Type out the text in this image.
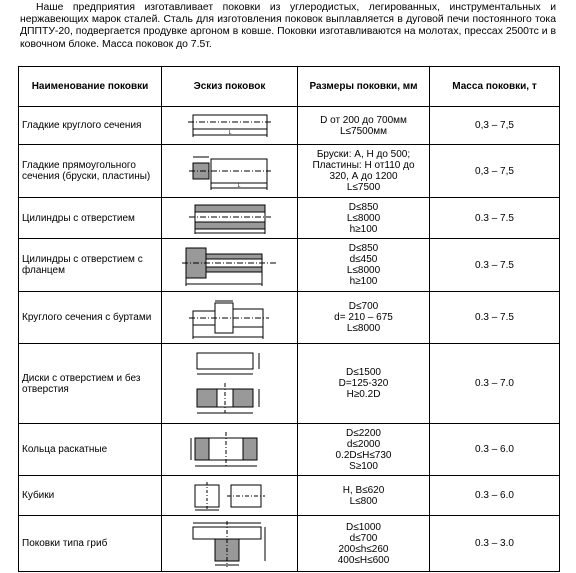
Наше предприятия изготавливает поковки из углеродистых, легированных, инструментальных и нержавеющих марок сталей. Сталь для изготовления поковок выплавляется в дуговой печи постоянного тока ДППТУ-20, подвергается продувке аргоном в ковше. Поковки изготавливаются на молотах, прессах 2500тс и в ковочном блоке. Масса поковок до 7.5т.

Наименование поковки	Эскиз поковок	Размеры поковки, мм	Масса поковки, т
Гладкие круглого сечения	L	D от 200 до 700мм
L≤7500мм	0,3 – 7,5
Гладкие прямоугольного сечения (бруски, пластины)	L	Бруски: А, Н до 500;
Пластины: Н от110 до
320, А до 1200
L≤7500	0,3 – 7,5
Цилиндры с отверстием		D≤850
L≤8000
h≥100	0.3 – 7.5
Цилиндры с отверстием с фланцем		D≤850
d≤450
L≤8000
h≥100	0.3 – 7.5
Круглого сечения с буртами		D≤700
d= 210 – 675
L≤8000	0.3 – 7.5
Диски с отверстием и без отверстия		D≤1500
D=125-320
H≥0.2D	0.3 – 7.0
Кольца раскатные		D≤2200
d≤2000
0.2D≤H≤730
S≥100	0.3 – 6.0
Кубики		Н, В≤620
L≤800	0.3 – 6.0
Поковки типа гриб		D≤1000
d≤700
200≤h≤260
400≤H≤600	0.3 – 3.0
